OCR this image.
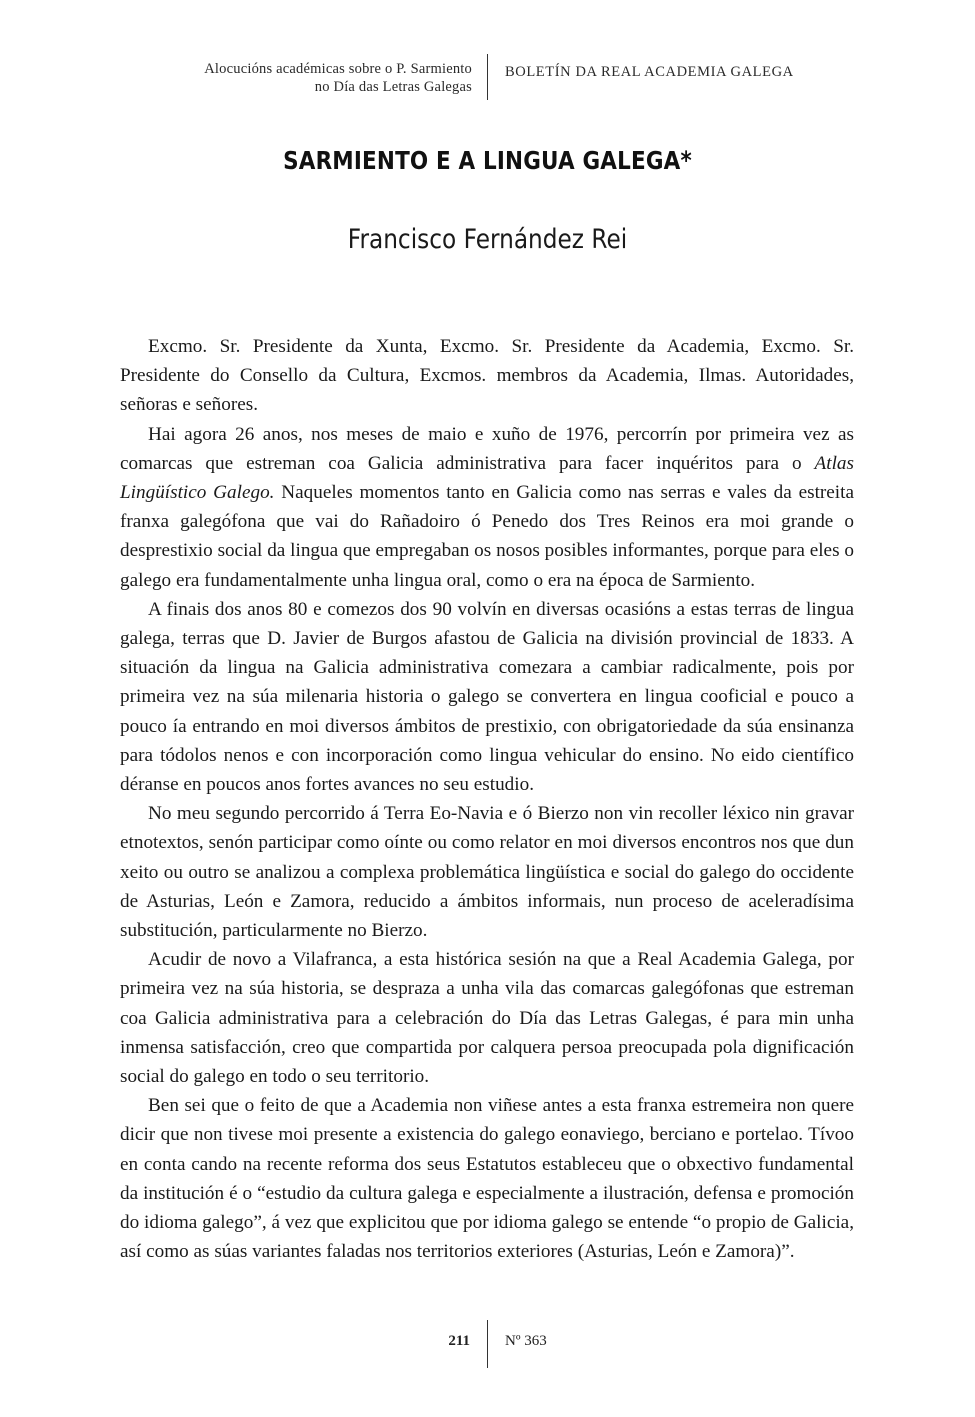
Alocucións académicas sobre o P. Sarmiento
no Día das Letras Galegas
BOLETÍN DA REAL ACADEMIA GALEGA
SARMIENTO E A LINGUA GALEGA*
Francisco Fernández Rei

Excmo. Sr. Presidente da Xunta, Excmo. Sr. Presidente da Academia, Excmo. Sr. Presidente do Consello da Cultura, Excmos. membros da Academia, Ilmas. Autoridades, señoras e señores.

Hai agora 26 anos, nos meses de maio e xuño de 1976, percorrín por primeira vez as comarcas que estreman coa Galicia administrativa para facer inquéritos para o Atlas Lingüístico Galego. Naqueles momentos tanto en Galicia como nas serras e vales da estreita franxa galegófona que vai do Rañadoiro ó Penedo dos Tres Reinos era moi grande o desprestixio social da lingua que empregaban os nosos posibles informantes, porque para eles o galego era fundamentalmente unha lingua oral, como o era na época de Sarmiento.

A finais dos anos 80 e comezos dos 90 volvín en diversas ocasións a estas terras de lingua galega, terras que D. Javier de Burgos afastou de Galicia na división provincial de 1833. A situación da lingua na Galicia administrativa comezara a cambiar radicalmente, pois por primeira vez na súa milenaria historia o galego se convertera en lingua cooficial e pouco a pouco ía entrando en moi diversos ámbitos de prestixio, con obrigatoriedade da súa ensinanza para tódolos nenos e con incorporación como lingua vehicular do ensino. No eido científico déranse en poucos anos fortes avances no seu estudio.

No meu segundo percorrido á Terra Eo-Navia e ó Bierzo non vin recoller léxico nin gravar etnotextos, senón participar como oínte ou como relator en moi diversos encontros nos que dun xeito ou outro se analizou a complexa problemática lingüística e social do galego do occidente de Asturias, León e Zamora, reducido a ámbitos informais, nun proceso de aceleradísima substitución, particularmente no Bierzo.

Acudir de novo a Vilafranca, a esta histórica sesión na que a Real Academia Galega, por primeira vez na súa historia, se despraza a unha vila das comarcas galegófonas que estreman coa Galicia administrativa para a celebración do Día das Letras Galegas, é para min unha inmensa satisfacción, creo que compartida por calquera persoa preocupada pola dignificación social do galego en todo o seu territorio.

Ben sei que o feito de que a Academia non viñese antes a esta franxa estremeira non quere dicir que non tivese moi presente a existencia do galego eonaviego, berciano e portelao. Tívoo en conta cando na recente reforma dos seus Estatutos estableceu que o obxectivo fundamental da institución é o “estudio da cultura galega e especialmente a ilustración, defensa e promoción do idioma galego”, á vez que explicitou que por idioma galego se entende “o propio de Galicia, así como as súas variantes faladas nos territorios exteriores (Asturias, León e Zamora)”.

211 Nº 363
